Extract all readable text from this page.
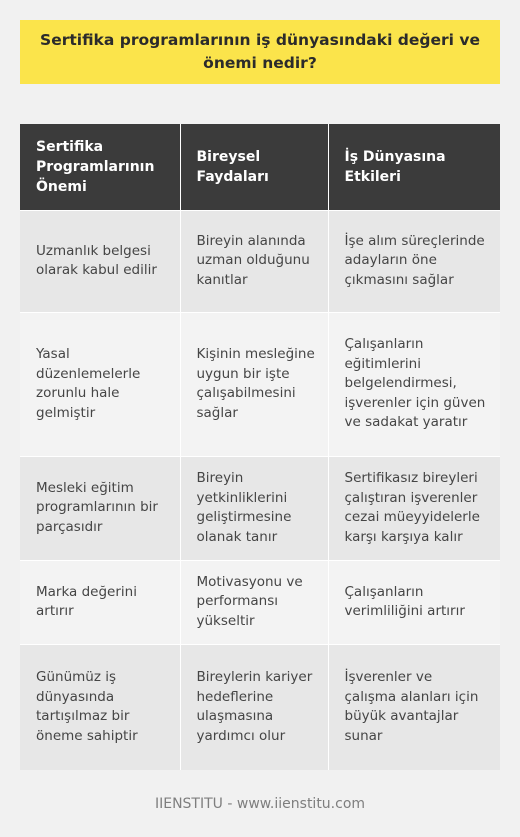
Sertifika programlarının iş dünyasındaki değeri ve önemi nedir?
Sertifika Programlarının Önemi	Bireysel Faydaları	İş Dünyasına Etkileri
Uzmanlık belgesi olarak kabul edilir	Bireyin alanında uzman olduğunu kanıtlar	İşe alım süreçlerinde adayların öne çıkmasını sağlar
Yasal düzenlemelerle zorunlu hale gelmiştir	Kişinin mesleğine uygun bir işte çalışabilmesini sağlar	Çalışanların eğitimlerini belgelendirmesi, işverenler için güven ve sadakat yaratır
Mesleki eğitim programlarının bir parçasıdır	Bireyin yetkinliklerini geliştirmesine olanak tanır	Sertifikasız bireyleri çalıştıran işverenler cezai müeyyidelerle karşı karşıya kalır
Marka değerini artırır	Motivasyonu ve performansı yükseltir	Çalışanların verimliliğini artırır
Günümüz iş dünyasında tartışılmaz bir öneme sahiptir	Bireylerin kariyer hedeflerine ulaşmasına yardımcı olur	İşverenler ve çalışma alanları için büyük avantajlar sunar
IIENSTITU - www.iienstitu.com
